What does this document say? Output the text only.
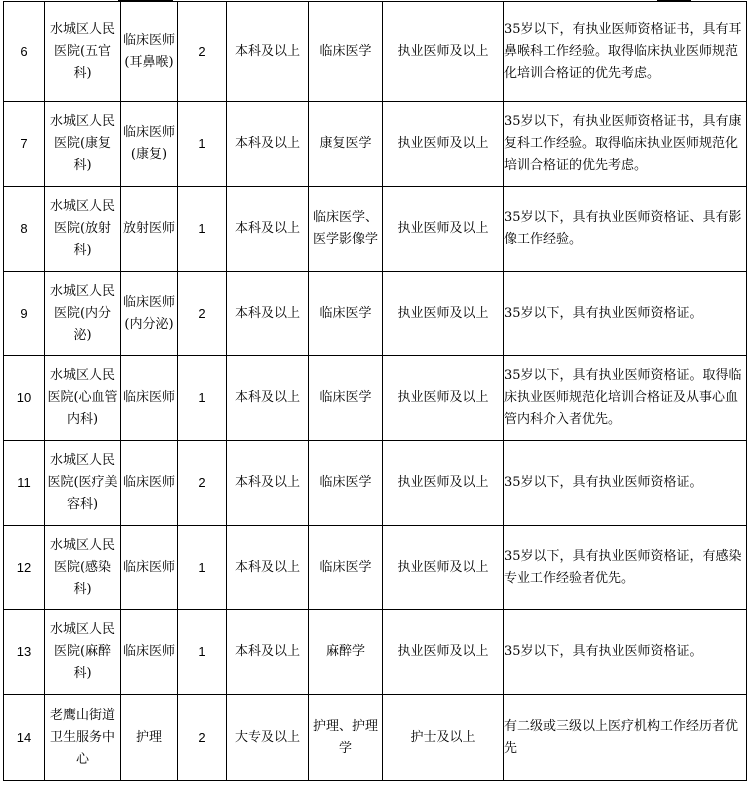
6	水城区人民医院(五官科)	临床医师(耳鼻喉)	2	本科及以上	临床医学	执业医师及以上	35岁以下，有执业医师资格证书，具有耳鼻喉科工作经验。取得临床执业医师规范化培训合格证的优先考虑。
7	水城区人民医院(康复科)	临床医师(康复)	1	本科及以上	康复医学	执业医师及以上	35岁以下，有执业医师资格证书，具有康复科工作经验。取得临床执业医师规范化培训合格证的优先考虑。
8	水城区人民医院(放射科)	放射医师	1	本科及以上	临床医学、医学影像学	执业医师及以上	35岁以下，具有执业医师资格证、具有影像工作经验。
9	水城区人民医院(内分泌)	临床医师(内分泌)	2	本科及以上	临床医学	执业医师及以上	35岁以下，具有执业医师资格证。
10	水城区人民医院(心血管内科)	临床医师	1	本科及以上	临床医学	执业医师及以上	35岁以下，具有执业医师资格证。取得临床执业医师规范化培训合格证及从事心血管内科介入者优先。
11	水城区人民医院(医疗美容科)	临床医师	2	本科及以上	临床医学	执业医师及以上	35岁以下，具有执业医师资格证。
12	水城区人民医院(感染科)	临床医师	1	本科及以上	临床医学	执业医师及以上	35岁以下，具有执业医师资格证，有感染专业工作经验者优先。
13	水城区人民医院(麻醉科)	临床医师	1	本科及以上	麻醉学	执业医师及以上	35岁以下，具有执业医师资格证。
14	老鹰山街道卫生服务中心	护理	2	大专及以上	护理、护理学	护士及以上	有二级或三级以上医疗机构工作经历者优先
